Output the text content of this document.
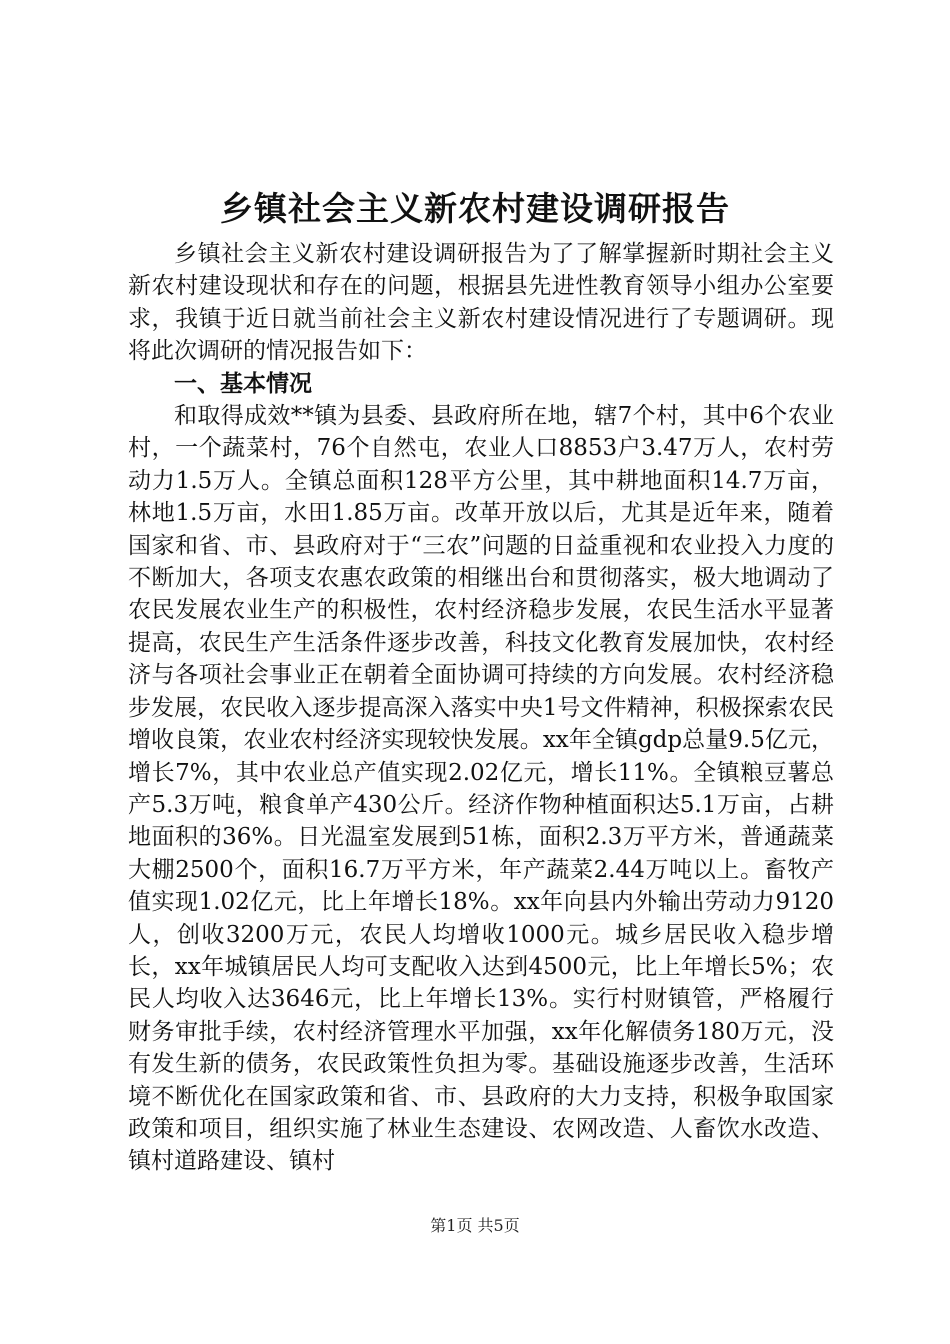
乡镇社会主义新农村建设调研报告

乡镇社会主义新农村建设调研报告为了了解掌握新时期社会主义新农村建设现状和存在的问题，根据县先进性教育领导小组办公室要求，我镇于近日就当前社会主义新农村建设情况进行了专题调研。现将此次调研的情况报告如下：

一、基本情况

和取得成效**镇为县委、县政府所在地，辖7个村，其中6个农业村，一个蔬菜村，76个自然屯，农业人口8853户3.47万人，农村劳动力1.5万人。全镇总面积128平方公里，其中耕地面积14.7万亩，林地1.5万亩，水田1.85万亩。改革开放以后，尤其是近年来，随着国家和省、市、县政府对于“三农”问题的日益重视和农业投入力度的不断加大，各项支农惠农政策的相继出台和贯彻落实，极大地调动了农民发展农业生产的积极性，农村经济稳步发展，农民生活水平显著提高，农民生产生活条件逐步改善，科技文化教育发展加快，农村经济与各项社会事业正在朝着全面协调可持续的方向发展。农村经济稳步发展，农民收入逐步提高深入落实中央1号文件精神，积极探索农民增收良策，农业农村经济实现较快发展。xx年全镇gdp总量9.5亿元，增长7%，其中农业总产值实现2.02亿元，增长11%。全镇粮豆薯总产5.3万吨，粮食单产430公斤。经济作物种植面积达5.1万亩，占耕地面积的36%。日光温室发展到51栋，面积2.3万平方米，普通蔬菜大棚2500个，面积16.7万平方米，年产蔬菜2.44万吨以上。畜牧产值实现1.02亿元，比上年增长18%。xx年向县内外输出劳动力9120人，创收3200万元，农民人均增收1000元。城乡居民收入稳步增长，xx年城镇居民人均可支配收入达到4500元，比上年增长5%；农民人均收入达3646元，比上年增长13%。实行村财镇管，严格履行财务审批手续，农村经济管理水平加强，xx年化解债务180万元，没有发生新的债务，农民政策性负担为零。基础设施逐步改善，生活环境不断优化在国家政策和省、市、县政府的大力支持，积极争取国家政策和项目，组织实施了林业生态建设、农网改造、人畜饮水改造、镇村道路建设、镇村

第1页 共5页
